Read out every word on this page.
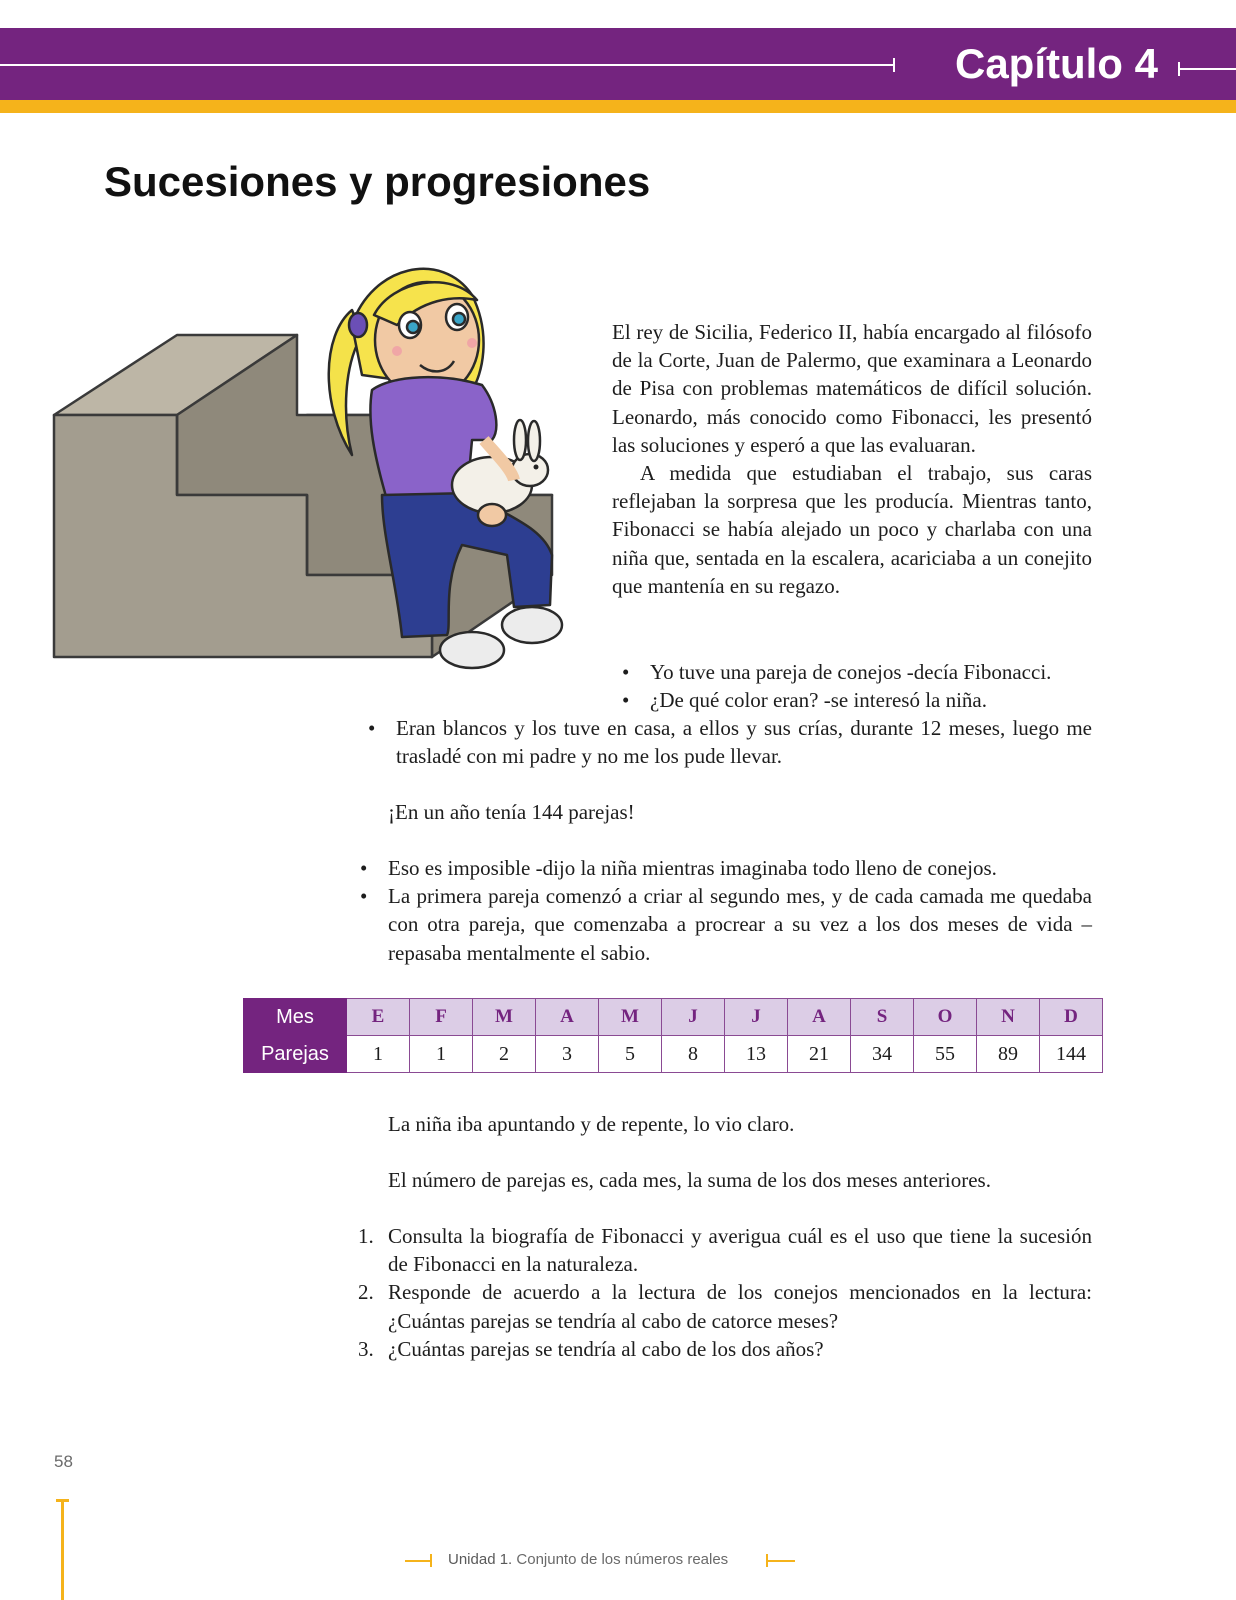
Capítulo 4
Sucesiones y progresiones

El rey de Sicilia, Federico II, había encargado al filósofo de la Corte, Juan de Palermo, que examinara a Leonardo de Pisa con problemas matemáticos de difícil solución. Leonardo, más conocido como Fibonacci, les presentó las soluciones y esperó a que las evaluaran.

A medida que estudiaban el trabajo, sus caras reflejaban la sorpresa que les producía. Mientras tanto, Fibonacci se había alejado un poco y charlaba con una niña que, sentada en la escalera, acariciaba a un conejito que mantenía en su regazo.

• Yo tuve una pareja de conejos -decía Fibonacci.
• ¿De qué color eran? -se interesó la niña.
• Eran blancos y los tuve en casa, a ellos y sus crías, durante 12 meses, luego me trasladé con mi padre y no me los pude llevar.
¡En un año tenía 144 parejas!
• Eso es imposible -dijo la niña mientras imaginaba todo lleno de conejos.
• La primera pareja comenzó a criar al segundo mes, y de cada camada me quedaba con otra pareja, que comenzaba a procrear a su vez a los dos meses de vida –repasaba mentalmente el sabio.
Mes	E	F	M	A	M	J	J	A	S	O	N	D
Parejas	1	1	2	3	5	8	13	21	34	55	89	144
La niña iba apuntando y de repente, lo vio claro.
El número de parejas es, cada mes, la suma de los dos meses anteriores.
1. Consulta la biografía de Fibonacci y averigua cuál es el uso que tiene la sucesión de Fibonacci en la naturaleza.
2. Responde de acuerdo a la lectura de los conejos mencionados en la lectura: ¿Cuántas parejas se tendría al cabo de catorce meses?
3. ¿Cuántas parejas se tendría al cabo de los dos años?
58
Unidad 1. Conjunto de los números reales
